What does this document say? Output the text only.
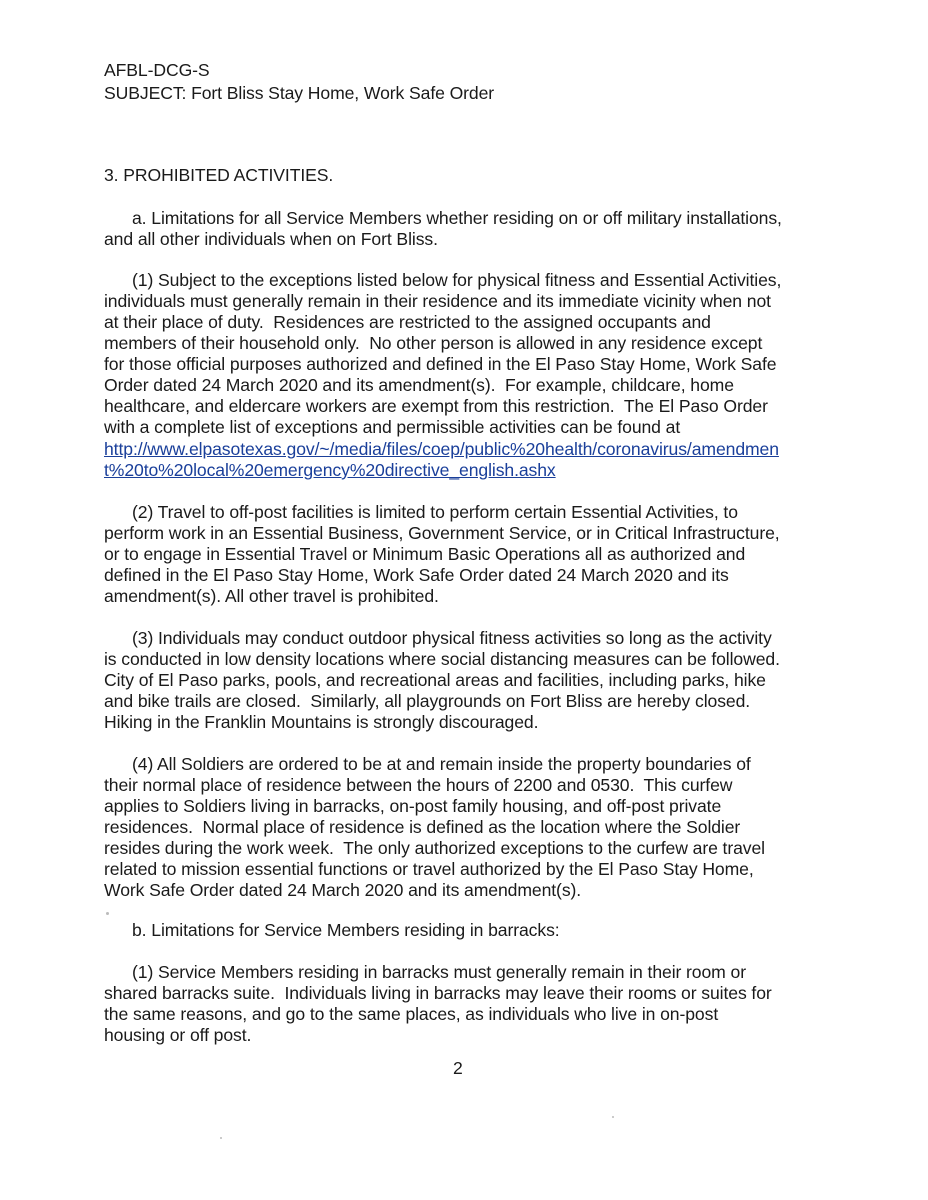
AFBL-DCG-S
SUBJECT: Fort Bliss Stay Home, Work Safe Order
3. PROHIBITED ACTIVITIES.
a. Limitations for all Service Members whether residing on or off military installations,
and all other individuals when on Fort Bliss.
(1) Subject to the exceptions listed below for physical fitness and Essential Activities,
individuals must generally remain in their residence and its immediate vicinity when not
at their place of duty.  Residences are restricted to the assigned occupants and
members of their household only.  No other person is allowed in any residence except
for those official purposes authorized and defined in the El Paso Stay Home, Work Safe
Order dated 24 March 2020 and its amendment(s).  For example, childcare, home
healthcare, and eldercare workers are exempt from this restriction.  The El Paso Order
with a complete list of exceptions and permissible activities can be found at
http://www.elpasotexas.gov/~/media/files/coep/public%20health/coronavirus/amendmen
t%20to%20local%20emergency%20directive_english.ashx
(2) Travel to off-post facilities is limited to perform certain Essential Activities, to
perform work in an Essential Business, Government Service, or in Critical Infrastructure,
or to engage in Essential Travel or Minimum Basic Operations all as authorized and
defined in the El Paso Stay Home, Work Safe Order dated 24 March 2020 and its
amendment(s). All other travel is prohibited.
(3) Individuals may conduct outdoor physical fitness activities so long as the activity
is conducted in low density locations where social distancing measures can be followed.
City of El Paso parks, pools, and recreational areas and facilities, including parks, hike
and bike trails are closed.  Similarly, all playgrounds on Fort Bliss are hereby closed.
Hiking in the Franklin Mountains is strongly discouraged.
(4) All Soldiers are ordered to be at and remain inside the property boundaries of
their normal place of residence between the hours of 2200 and 0530.  This curfew
applies to Soldiers living in barracks, on-post family housing, and off-post private
residences.  Normal place of residence is defined as the location where the Soldier
resides during the work week.  The only authorized exceptions to the curfew are travel
related to mission essential functions or travel authorized by the El Paso Stay Home,
Work Safe Order dated 24 March 2020 and its amendment(s).
b. Limitations for Service Members residing in barracks:
(1) Service Members residing in barracks must generally remain in their room or
shared barracks suite.  Individuals living in barracks may leave their rooms or suites for
the same reasons, and go to the same places, as individuals who live in on-post
housing or off post.
2
